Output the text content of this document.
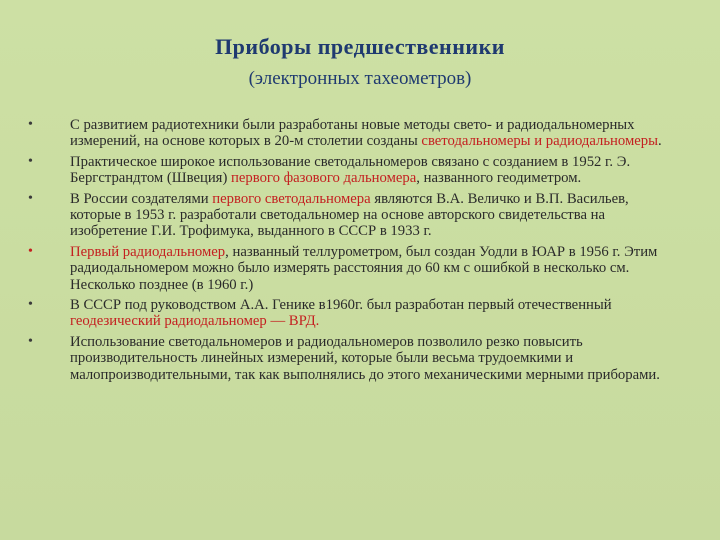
Приборы предшественники
(электронных тахеометров)
•	С развитием радиотехники были разработаны новые методы свето- и радиодальномерных измерений, на основе которых в 20-м столетии созданы светодальномеры и радиодальномеры.
•	Практическое широкое использование светодальномеров связано с созданием в 1952 г. Э. Бергстрандтом (Швеция) первого фазового дальномера, названного геодиметром.
•	В России создателями первого светодальномера являются В.А. Величко и В.П. Васильев, которые в 1953 г. разработали светодальномер на основе авторского свидетельства на изобретение Г.И. Трофимука, выданного в СССР в 1933 г.
•	Первый радиодальномер, названный теллурометром, был создан Уодли в ЮАР в 1956 г. Этим радиодальномером можно было измерять расстояния до 60 км с ошибкой в несколько см. Несколько позднее (в 1960 г.)
•	В СССР под руководством А.А. Генике в1960г. был разработан первый отечественный геодезический радиодальномер — ВРД.
•	Использование светодальномеров и радиодальномеров позволило резко повысить производительность линейных измерений, которые были весьма трудоемкими и малопроизводительными, так как выполнялись до этого механическими мерными приборами.
